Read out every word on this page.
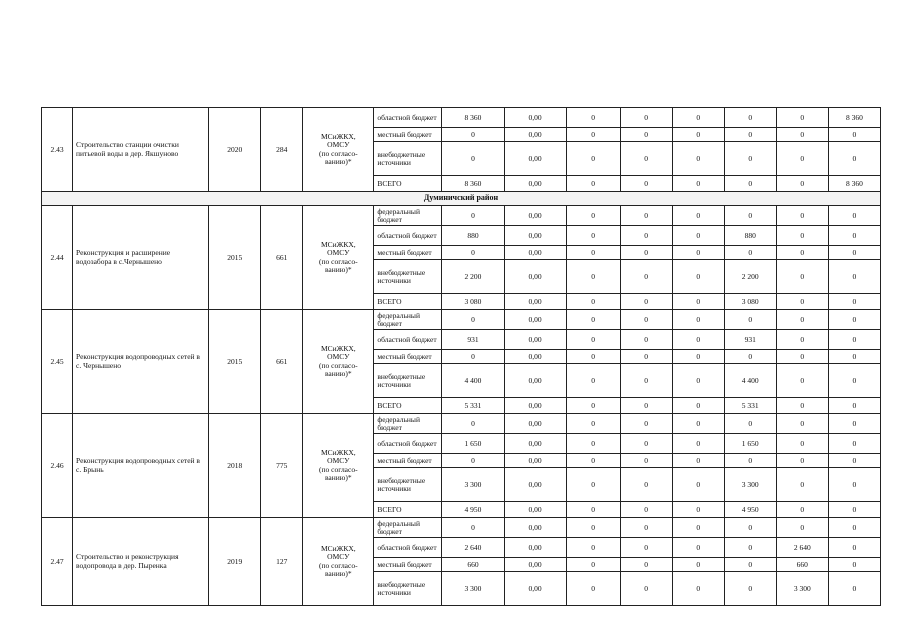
2.43	Строительство станции очистки питьевой воды в дер. Якшуново	2020	284	МСиЖКХ,
ОМСУ
(по согласо-
ванию)*	областной бюджет	8 360	0,00	0	0	0	0	0	8 360
					местный бюджет	0	0,00	0	0	0	0	0	0
					внебюджетные источники	0	0,00	0	0	0	0	0	0
					ВСЕГО	8 360	0,00	0	0	0	0	0	8 360
Думиничский район													
2.44	Реконструкция и расширение водозабора в с.Чернышено	2015	661	МСиЖКХ,
ОМСУ
(по согласо-
ванию)*	федеральный бюджет	0	0,00	0	0	0	0	0	0
					областной бюджет	880	0,00	0	0	0	880	0	0
					местный бюджет	0	0,00	0	0	0	0	0	0
					внебюджетные источники	2 200	0,00	0	0	0	2 200	0	0
					ВСЕГО	3 080	0,00	0	0	0	3 080	0	0
2.45	Реконструкция водопроводных сетей в с. Чернышено	2015	661	МСиЖКХ,
ОМСУ
(по согласо-
ванию)*	федеральный бюджет	0	0,00	0	0	0	0	0	0
					областной бюджет	931	0,00	0	0	0	931	0	0
					местный бюджет	0	0,00	0	0	0	0	0	0
					внебюджетные источники	4 400	0,00	0	0	0	4 400	0	0
					ВСЕГО	5 331	0,00	0	0	0	5 331	0	0
2.46	Реконструкция водопроводных сетей в с. Брынь	2018	775	МСиЖКХ,
ОМСУ
(по согласо-
ванию)*	федеральный бюджет	0	0,00	0	0	0	0	0	0
					областной бюджет	1 650	0,00	0	0	0	1 650	0	0
					местный бюджет	0	0,00	0	0	0	0	0	0
					внебюджетные источники	3 300	0,00	0	0	0	3 300	0	0
					ВСЕГО	4 950	0,00	0	0	0	4 950	0	0
2.47	Строительство и реконструкция водопровода в дер. Пыренка	2019	127	МСиЖКХ,
ОМСУ
(по согласо-
ванию)*	федеральный бюджет	0	0,00	0	0	0	0	0	0
					областной бюджет	2 640	0,00	0	0	0	0	2 640	0
					местный бюджет	660	0,00	0	0	0	0	660	0
					внебюджетные источники	3 300	0,00	0	0	0	0	3 300	0
